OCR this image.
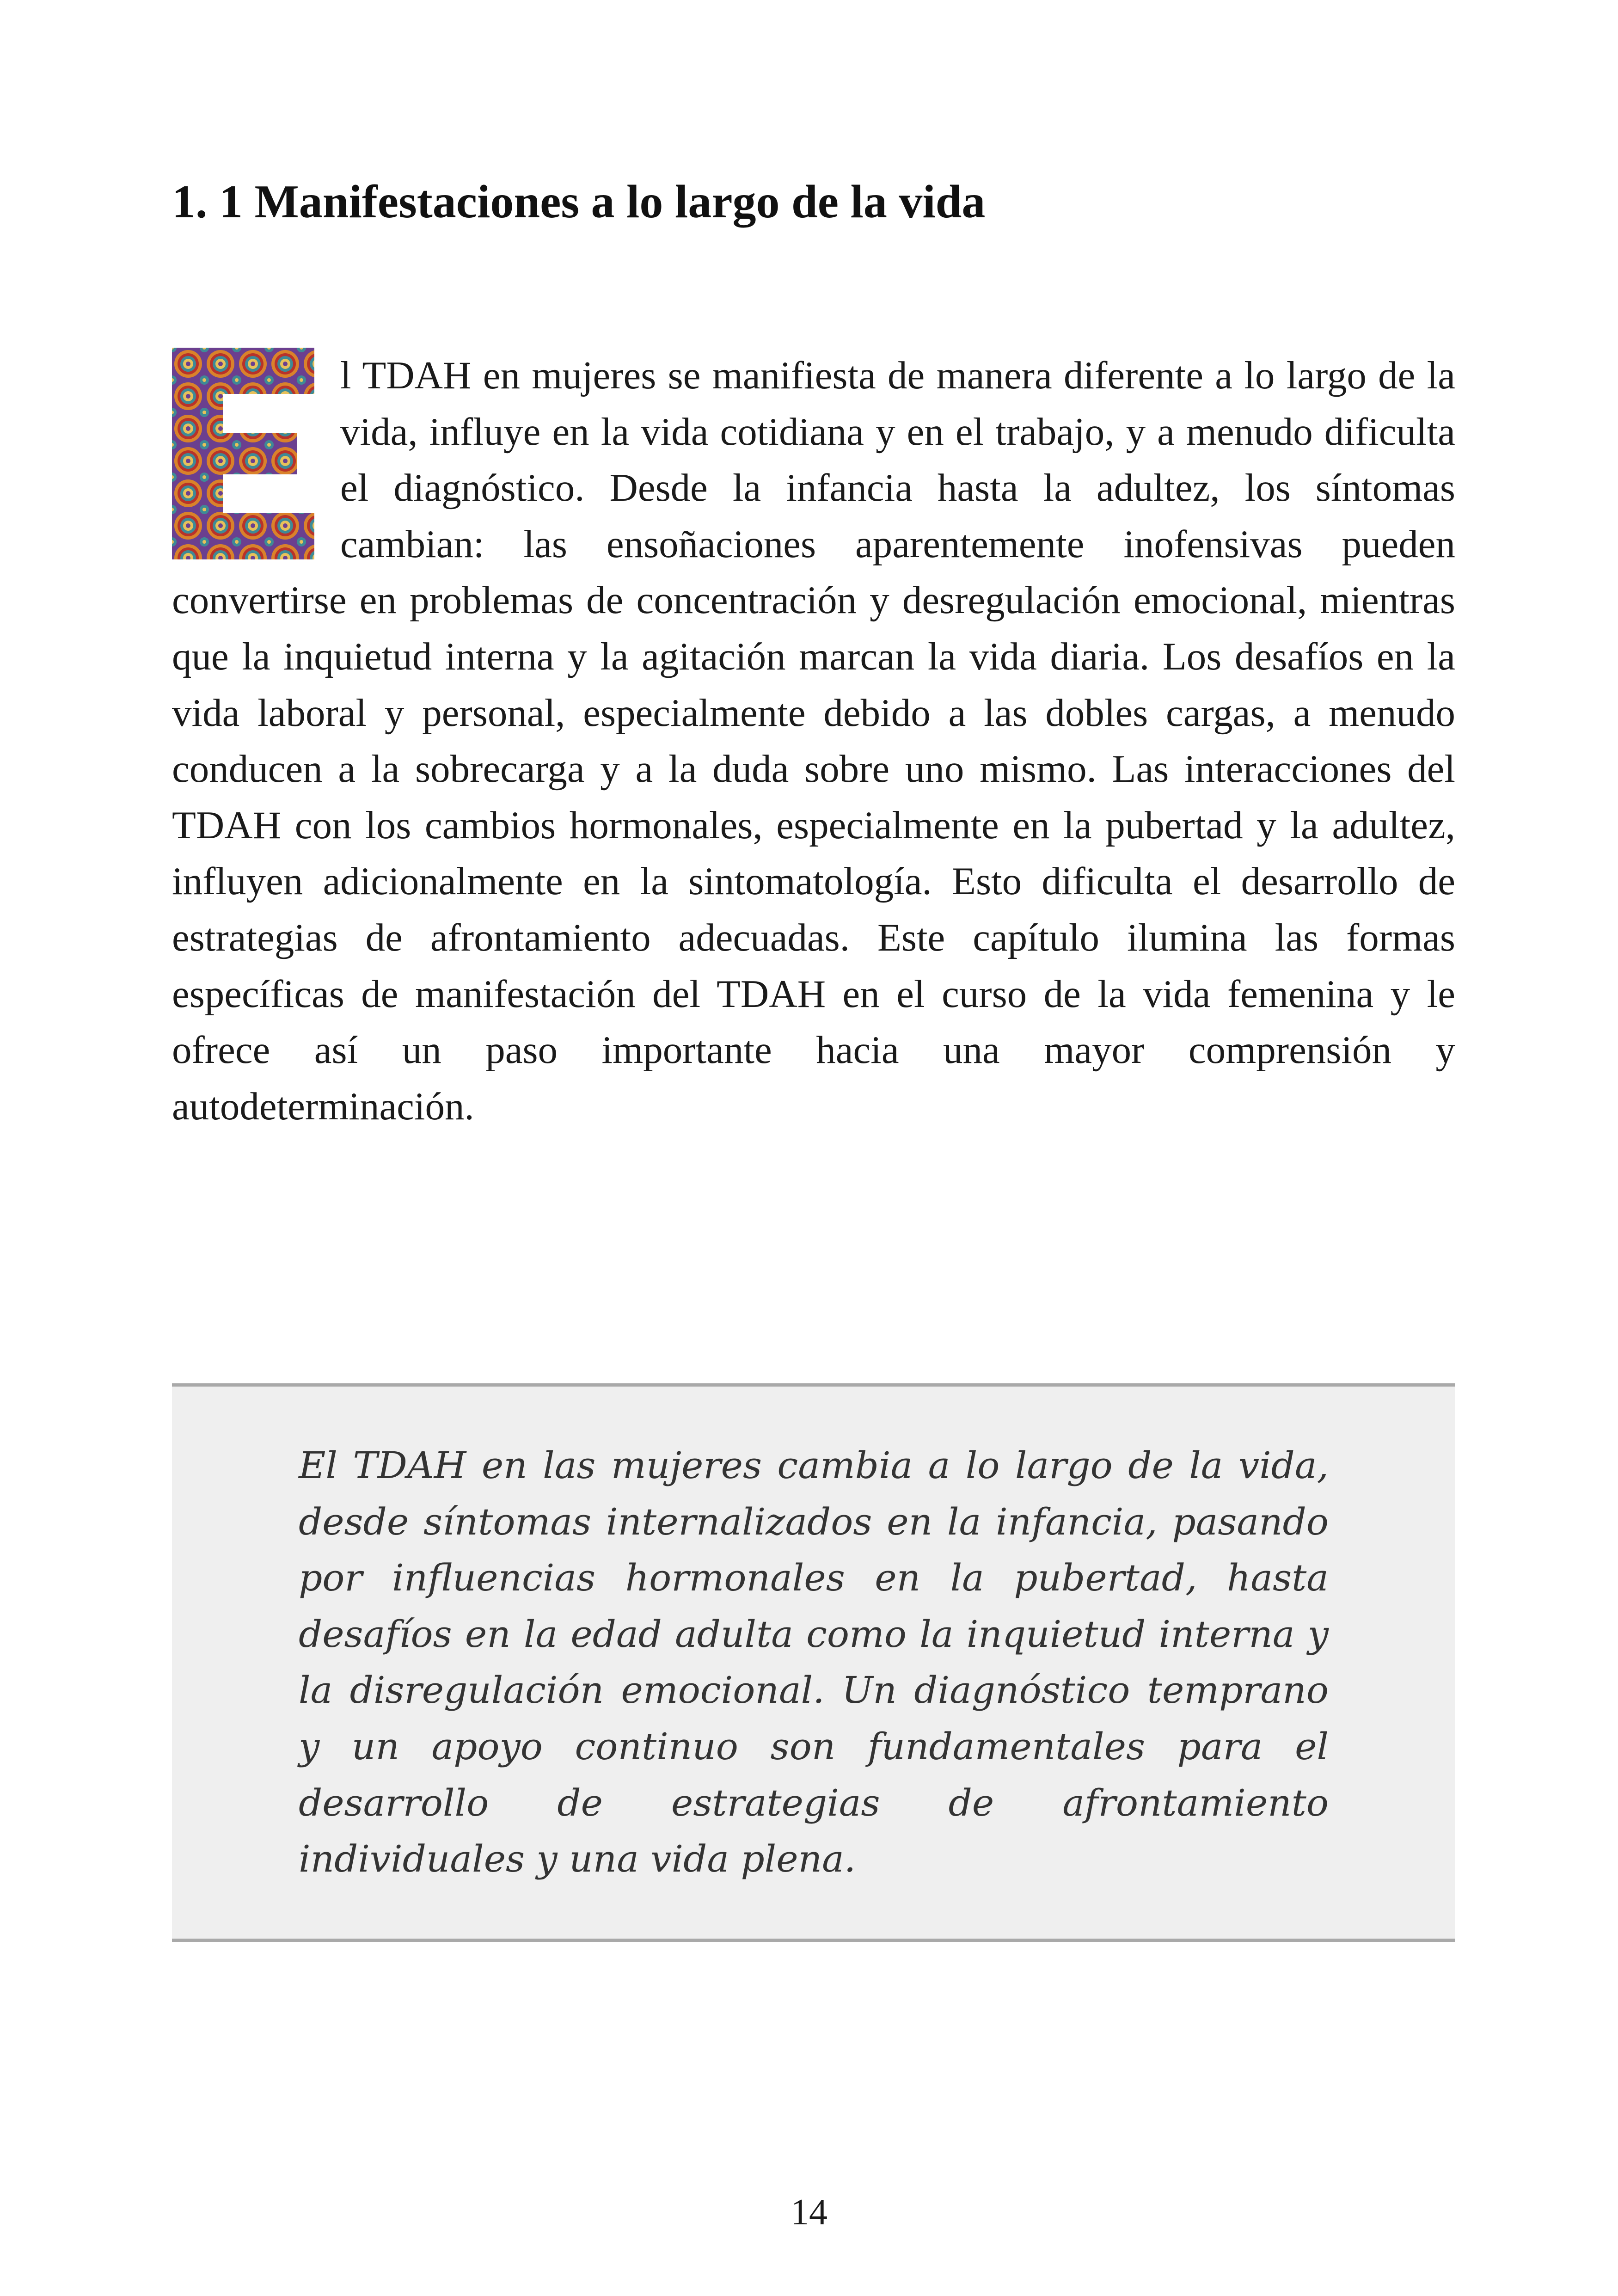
1. 1 Manifestaciones a lo largo de la vida

l TDAH en mujeres se manifiesta de manera diferente a lo largo de la vida, influye en la vida cotidiana y en el trabajo, y a menudo dificulta el diagnóstico. Desde la infancia hasta la adultez, los síntomas cambian: las ensoñaciones aparentemente inofensivas pueden convertirse en problemas de concentración y desregulación emocional, mientras que la inquietud interna y la agitación marcan la vida diaria. Los desafíos en la vida laboral y personal, especialmente debido a las dobles cargas, a menudo conducen a la sobrecarga y a la duda sobre uno mismo. Las interacciones del TDAH con los cambios hormonales, especialmente en la pubertad y la adultez, influyen adicionalmente en la sintomatología. Esto dificulta el desarrollo de estrategias de afrontamiento adecuadas. Este capítulo ilumina las formas específicas de manifestación del TDAH en el curso de la vida femenina y le ofrece así un paso importante hacia una mayor comprensión y autodeterminación.

El TDAH en las mujeres cambia a lo largo de la vida, desde síntomas internalizados en la infancia, pasando por influencias hormonales en la pubertad, hasta desafíos en la edad adulta como la inquietud interna y la disregulación emocional. Un diagnóstico temprano y un apoyo continuo son fundamentales para el desarrollo de estrategias de afrontamiento individuales y una vida plena.

14
